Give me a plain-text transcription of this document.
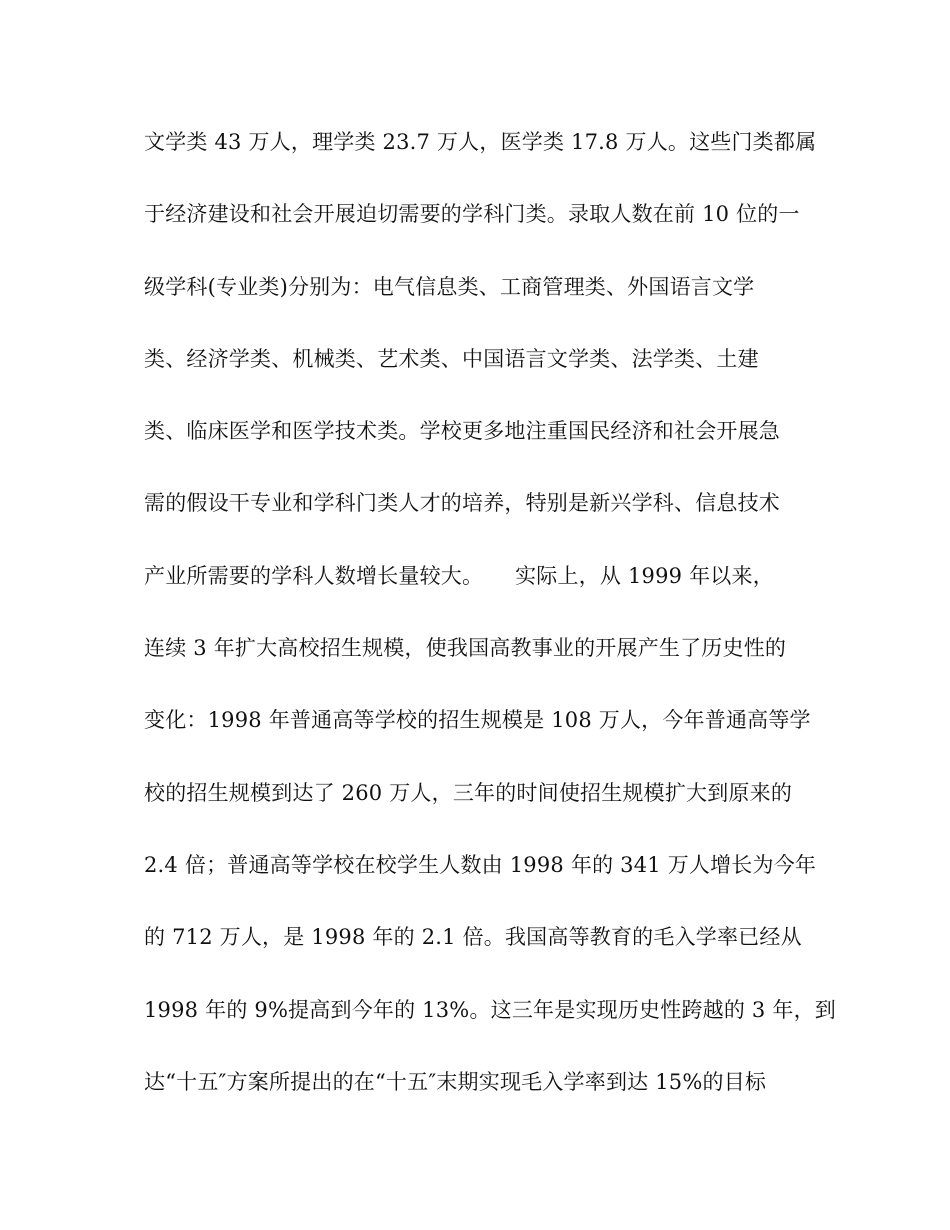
文学类 43 万人，理学类 23.7 万人，医学类 17.8 万人。这些门类都属
于经济建设和社会开展迫切需要的学科门类。录取人数在前 10 位的一
级学科(专业类)分别为：电气信息类、工商管理类、外国语言文学
类、经济学类、机械类、艺术类、中国语言文学类、法学类、土建
类、临床医学和医学技术类。学校更多地注重国民经济和社会开展急
需的假设干专业和学科门类人才的培养，特别是新兴学科、信息技术
产业所需要的学科人数增长量较大。　　实际上，从 1999 年以来，
连续 3 年扩大高校招生规模，使我国高教事业的开展产生了历史性的
变化：1998 年普通高等学校的招生规模是 108 万人，今年普通高等学
校的招生规模到达了 260 万人，三年的时间使招生规模扩大到原来的
2.4 倍；普通高等学校在校学生人数由 1998 年的 341 万人增长为今年
的 712 万人，是 1998 年的 2.1 倍。我国高等教育的毛入学率已经从
1998 年的 9%提高到今年的 13%。这三年是实现历史性跨越的 3 年，到
达“十五″方案所提出的在“十五″末期实现毛入学率到达 15%的目标
